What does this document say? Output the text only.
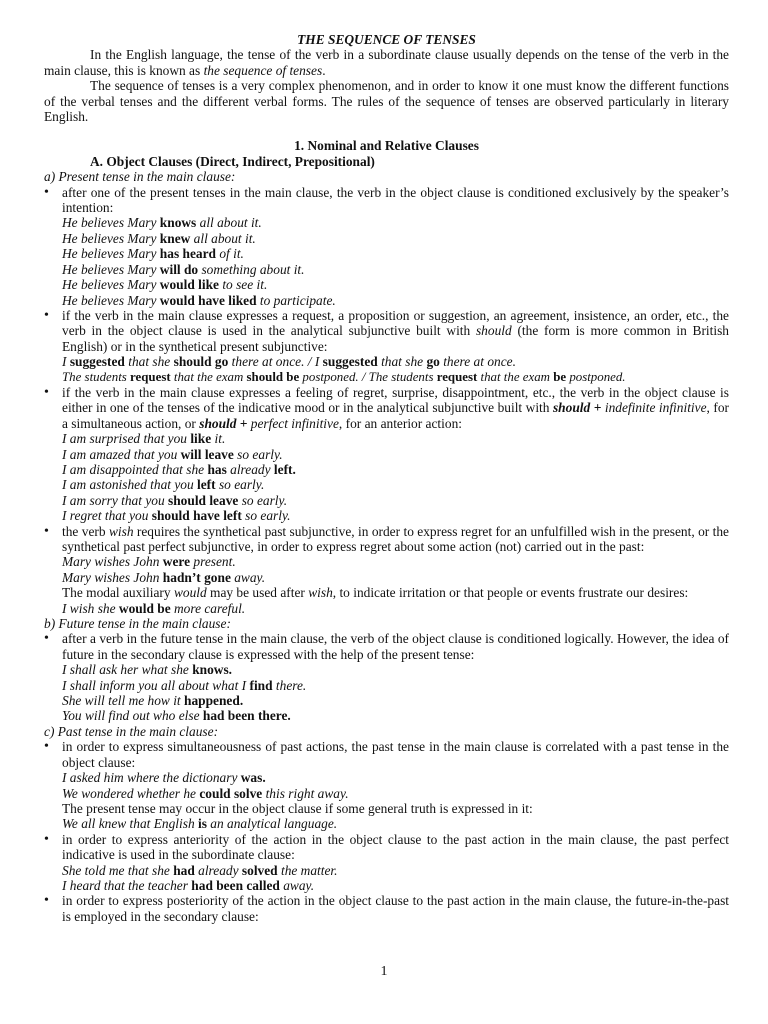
THE SEQUENCE OF TENSES

In the English language, the tense of the verb in a subordinate clause usually depends on the tense of the verb in the main clause, this is known as the sequence of tenses.

The sequence of tenses is a very complex phenomenon, and in order to know it one must know the different functions of the verbal tenses and the different verbal forms. The rules of the sequence of tenses are observed particularly in literary English.

1. Nominal and Relative Clauses
A. Object Clauses (Direct, Indirect, Prepositional)
a) Present tense in the main clause:
• after one of the present tenses in the main clause, the verb in the object clause is conditioned exclusively by the speaker’s intention:
He believes Mary knows all about it.
He believes Mary knew all about it.
He believes Mary has heard of it.
He believes Mary will do something about it.
He believes Mary would like to see it.
He believes Mary would have liked to participate.
• if the verb in the main clause expresses a request, a proposition or suggestion, an agreement, insistence, an order, etc., the verb in the object clause is used in the analytical subjunctive built with should (the form is more common in British English) or in the synthetical present subjunctive:
I suggested that she should go there at once. / I suggested that she go there at once.
The students request that the exam should be postponed. / The students request that the exam be postponed.
• if the verb in the main clause expresses a feeling of regret, surprise, disappointment, etc., the verb in the object clause is either in one of the tenses of the indicative mood or in the analytical subjunctive built with should + indefinite infinitive, for a simultaneous action, or should + perfect infinitive, for an anterior action:
I am surprised that you like it.
I am amazed that you will leave so early.
I am disappointed that she has already left.
I am astonished that you left so early.
I am sorry that you should leave so early.
I regret that you should have left so early.
• the verb wish requires the synthetical past subjunctive, in order to express regret for an unfulfilled wish in the present, or the synthetical past perfect subjunctive, in order to express regret about some action (not) carried out in the past:
Mary wishes John were present.
Mary wishes John hadn’t gone away.
The modal auxiliary would may be used after wish, to indicate irritation or that people or events frustrate our desires:
I wish she would be more careful.
b) Future tense in the main clause:
• after a verb in the future tense in the main clause, the verb of the object clause is conditioned logically. However, the idea of future in the secondary clause is expressed with the help of the present tense:
I shall ask her what she knows.
I shall inform you all about what I find there.
She will tell me how it happened.
You will find out who else had been there.
c) Past tense in the main clause:
• in order to express simultaneousness of past actions, the past tense in the main clause is correlated with a past tense in the object clause:
I asked him where the dictionary was.
We wondered whether he could solve this right away.
The present tense may occur in the object clause if some general truth is expressed in it:
We all knew that English is an analytical language.
• in order to express anteriority of the action in the object clause to the past action in the main clause, the past perfect indicative is used in the subordinate clause:
She told me that she had already solved the matter.
I heard that the teacher had been called away.
• in order to express posteriority of the action in the object clause to the past action in the main clause, the future-in-the-past is employed in the secondary clause:
1
